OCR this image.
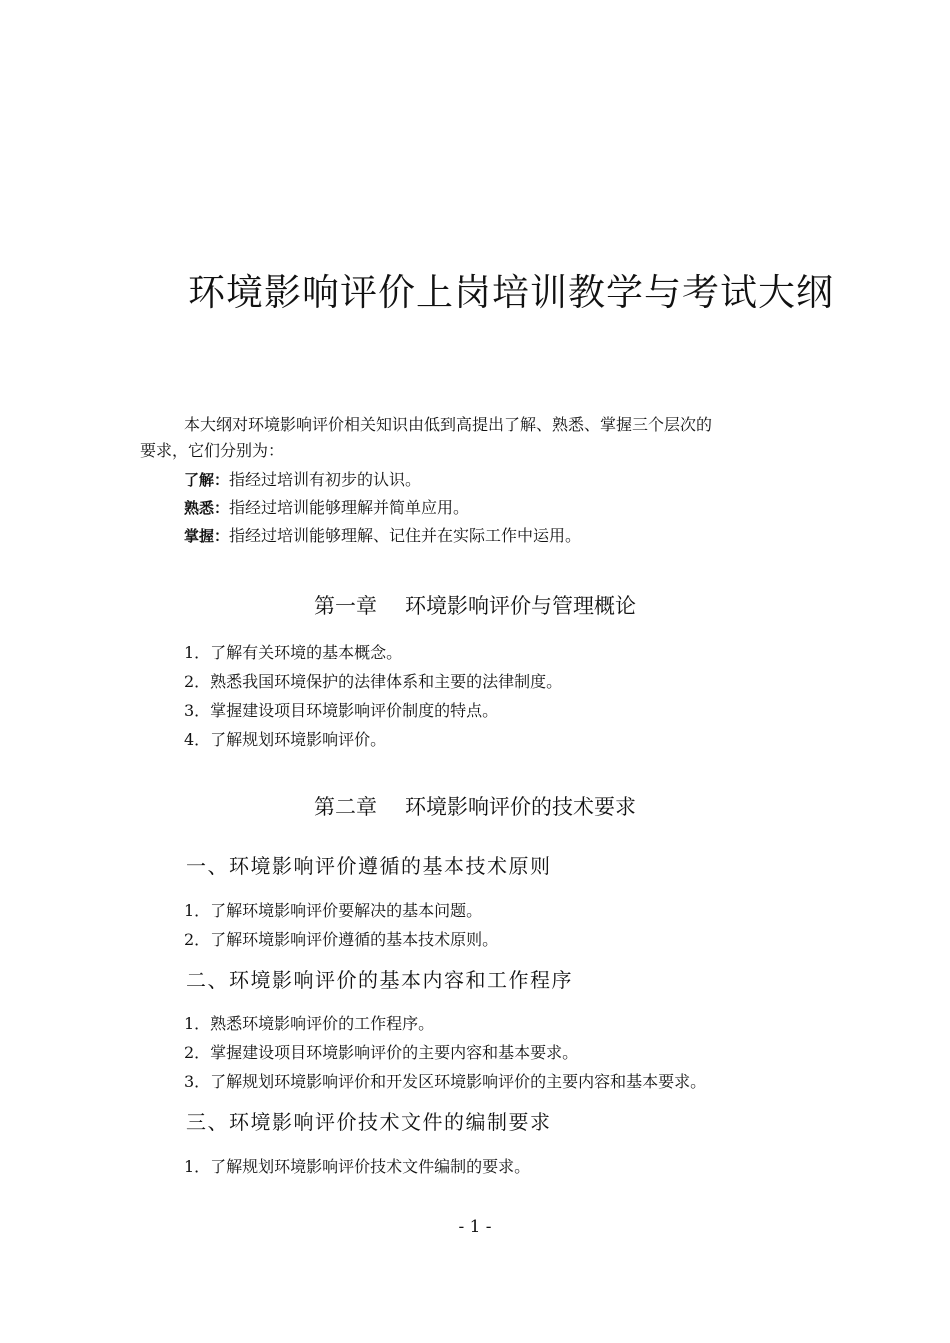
环境影响评价上岗培训教学与考试大纲

本大纲对环境影响评价相关知识由低到高提出了解、熟悉、掌握三个层次的

要求，它们分别为：

了解：指经过培训有初步的认识。
熟悉：指经过培训能够理解并简单应用。
掌握：指经过培训能够理解、记住并在实际工作中运用。
第一章 环境影响评价与管理概论
1．了解有关环境的基本概念。
2．熟悉我国环境保护的法律体系和主要的法律制度。
3．掌握建设项目环境影响评价制度的特点。
4．了解规划环境影响评价。
第二章 环境影响评价的技术要求
一、环境影响评价遵循的基本技术原则
1．了解环境影响评价要解决的基本问题。
2．了解环境影响评价遵循的基本技术原则。
二、环境影响评价的基本内容和工作程序
1．熟悉环境影响评价的工作程序。
2．掌握建设项目环境影响评价的主要内容和基本要求。
3．了解规划环境影响评价和开发区环境影响评价的主要内容和基本要求。
三、环境影响评价技术文件的编制要求
1．了解规划环境影响评价技术文件编制的要求。
- 1 -
